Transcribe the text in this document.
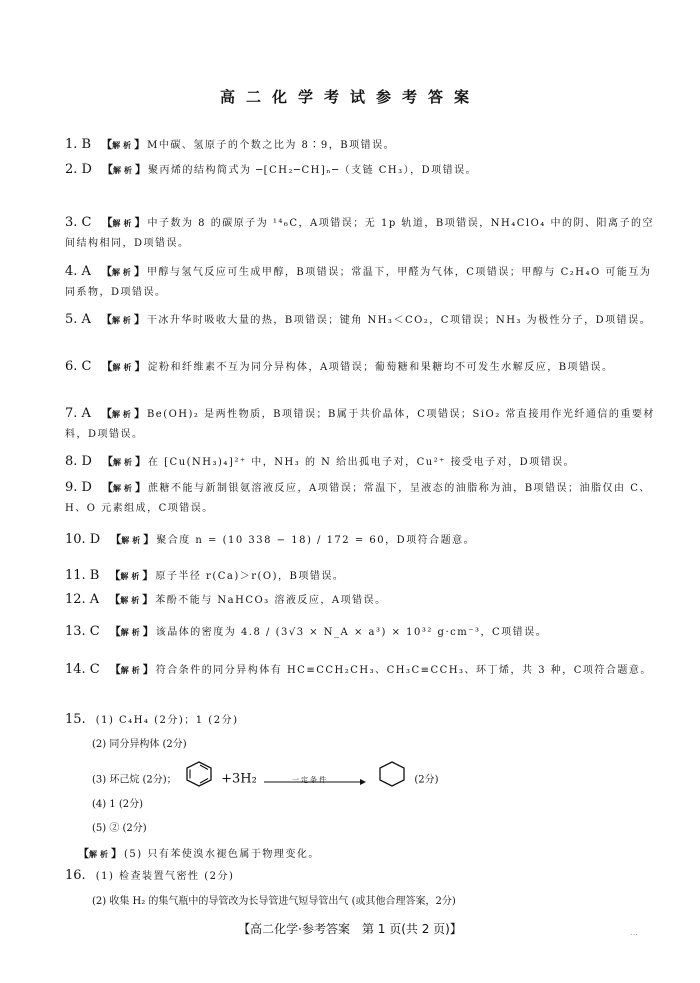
高二化学考试参考答案
1. B	【 解析 】 M中碳、氢原子的个数之比为 8∶9，B项错误。
2. D	【 解析 】 聚丙烯的结构简式为 ─[CH₂─CH]ₙ─（支链 CH₃），D项错误。
3. C	【 解析 】 中子数为 8 的碳原子为 ¹⁴₆C，A项错误；无 1p 轨道，B项错误，NH₄ClO₄ 中的阴、阳离子的空间结构相同，D项错误。
4. A	【 解析 】 甲醇与氢气反应可生成甲醇，B项错误；常温下，甲醛为气体，C项错误；甲醇与 C₂H₄O 可能互为同系物，D项错误。
5. A	【 解析 】 干冰升华时吸收大量的热，B项错误；键角 NH₃＜CO₂，C项错误；NH₃ 为极性分子，D项错误。
6. C	【 解析 】 淀粉和纤维素不互为同分异构体，A项错误；葡萄糖和果糖均不可发生水解反应，B项错误。
7. A	【 解析 】 Be(OH)₂ 是两性物质，B项错误；B属于共价晶体，C项错误；SiO₂ 常直接用作光纤通信的重要材料，D项错误。
8. D	【 解析 】 在 [Cu(NH₃)₄]²⁺ 中，NH₃ 的 N 给出孤电子对，Cu²⁺ 接受电子对，D项错误。
9. D	【 解析 】 蔗糖不能与新制银氨溶液反应，A项错误；常温下，呈液态的油脂称为油，B项错误；油脂仅由 C、H、O 元素组成，C项错误。
10. D	【 解析 】 聚合度 n = (10 338 − 18) / 172 = 60，D项符合题意。
11. B	【 解析 】 原子半径 r(Ca)＞r(O)，B项错误。
12. A	【 解析 】 苯酚不能与 NaHCO₃ 溶液反应，A项错误。
13. C	【 解析 】 该晶体的密度为 4.8 / (3√3 × N_A × a³) × 10³² g·cm⁻³，C项错误。
14. C	【 解析 】 符合条件的同分异构体有 HC≡CCH₂CH₃、CH₃C≡CCH₃、环丁烯，共 3 种，C项符合题意。
15. (1) C₄H₄ (2分)；1 (2分)
(2) 同分异构体 (2分)
(3) 环己烷 (2分)；	+3H₂	一定条件	(2分)
(4) 1 (2分)
(5) ② (2分)
【 解析 】 (5) 只有苯使溴水褪色属于物理变化。
16. (1) 检查装置气密性 (2分)
(2) 收集 H₂ 的集气瓶中的导管改为长导管进气短导管出气 (或其他合理答案，2分)
【高二化学·参考答案　第 1 页(共 2 页)】	…
